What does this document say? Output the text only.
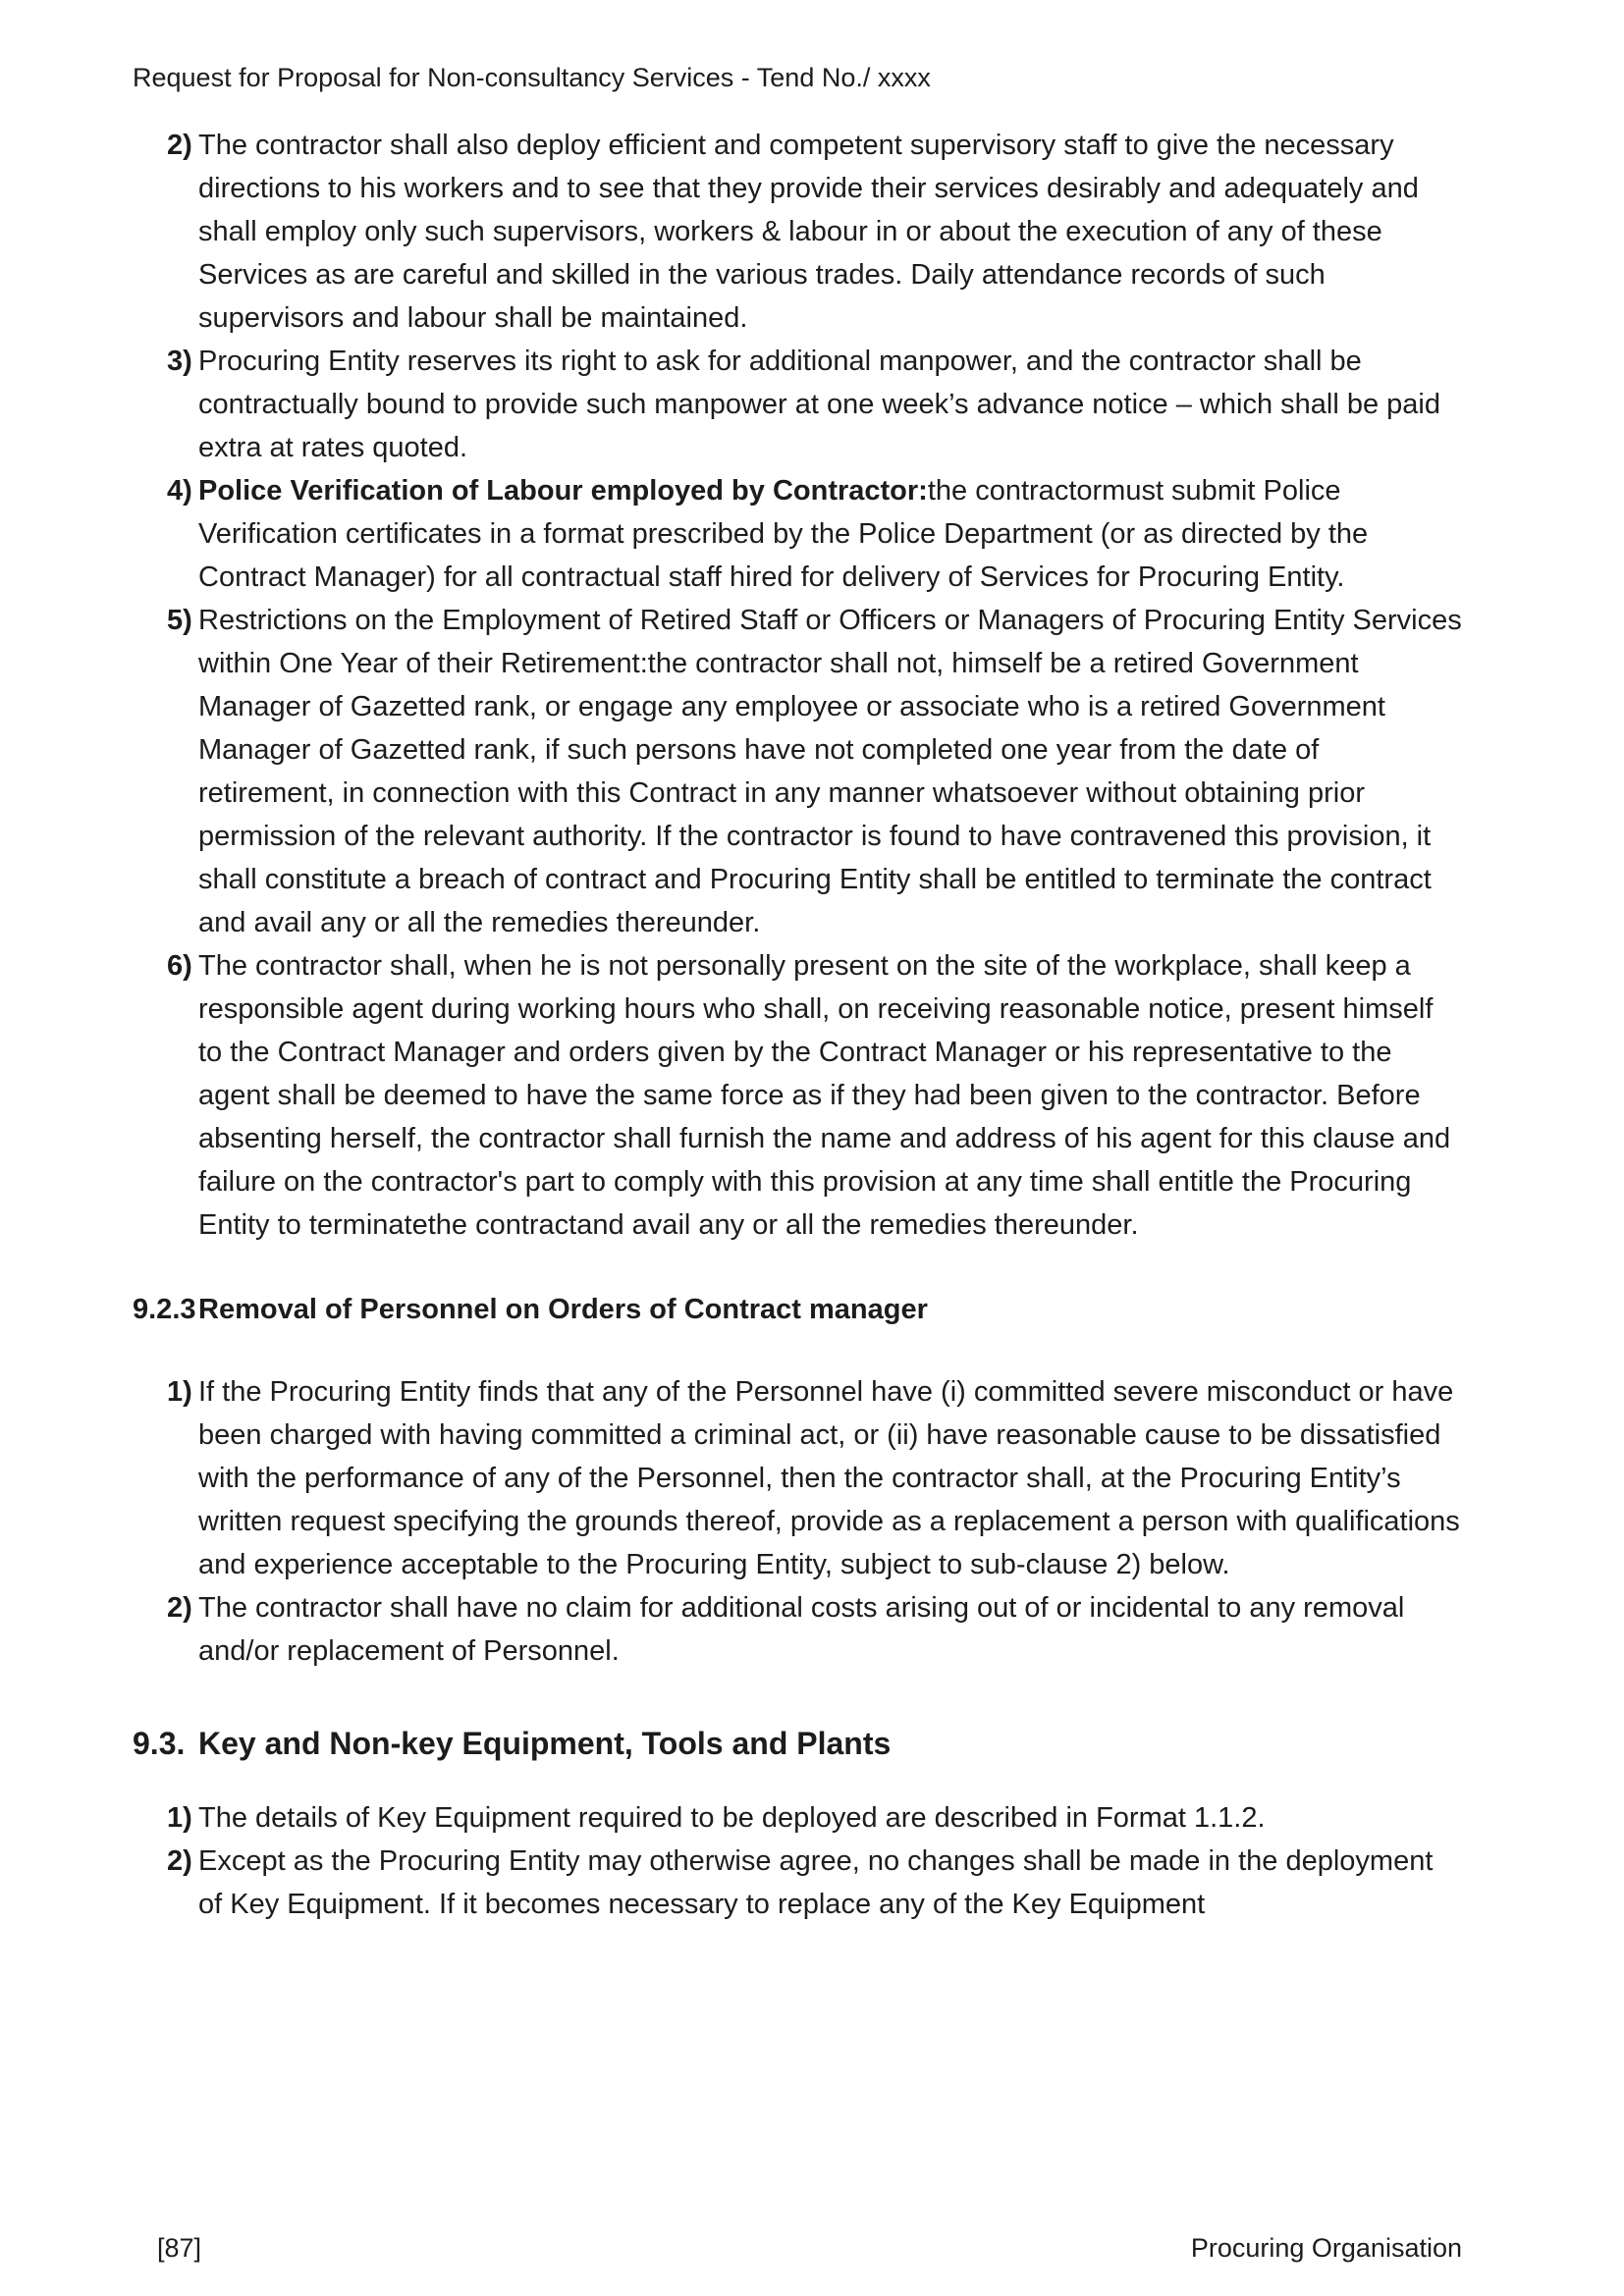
Request for Proposal for Non-consultancy Services - Tend No./ xxxx
2) The contractor shall also deploy efficient and competent supervisory staff to give the necessary directions to his workers and to see that they provide their services desirably and adequately and shall employ only such supervisors, workers & labour in or about the execution of any of these Services as are careful and skilled in the various trades. Daily attendance records of such supervisors and labour shall be maintained.
3) Procuring Entity reserves its right to ask for additional manpower, and the contractor shall be contractually bound to provide such manpower at one week’s advance notice – which shall be paid extra at rates quoted.
4) Police Verification of Labour employed by Contractor:the contractormust submit Police Verification certificates in a format prescribed by the Police Department (or as directed by the Contract Manager) for all contractual staff hired for delivery of Services for Procuring Entity.
5) Restrictions on the Employment of Retired Staff or Officers or Managers of Procuring Entity Services within One Year of their Retirement:the contractor shall not, himself be a retired Government Manager of Gazetted rank, or engage any employee or associate who is a retired Government Manager of Gazetted rank, if such persons have not completed one year from the date of retirement, in connection with this Contract in any manner whatsoever without obtaining prior permission of the relevant authority. If the contractor is found to have contravened this provision, it shall constitute a breach of contract and Procuring Entity shall be entitled to terminate the contract and avail any or all the remedies thereunder.
6) The contractor shall, when he is not personally present on the site of the workplace, shall keep a responsible agent during working hours who shall, on receiving reasonable notice, present himself to the Contract Manager and orders given by the Contract Manager or his representative to the agent shall be deemed to have the same force as if they had been given to the contractor. Before absenting herself, the contractor shall furnish the name and address of his agent for this clause and failure on the contractor's part to comply with this provision at any time shall entitle the Procuring Entity to terminatethe contractand avail any or all the remedies thereunder.
9.2.3 Removal of Personnel on Orders of Contract manager
1) If the Procuring Entity finds that any of the Personnel have (i) committed severe misconduct or have been charged with having committed a criminal act, or (ii) have reasonable cause to be dissatisfied with the performance of any of the Personnel, then the contractor shall, at the Procuring Entity’s written request specifying the grounds thereof, provide as a replacement a person with qualifications and experience acceptable to the Procuring Entity, subject to sub-clause 2) below.
2) The contractor shall have no claim for additional costs arising out of or incidental to any removal and/or replacement of Personnel.
9.3. Key and Non-key Equipment, Tools and Plants
1) The details of Key Equipment required to be deployed are described in Format 1.1.2.
2) Except as the Procuring Entity may otherwise agree, no changes shall be made in the deployment of Key Equipment. If it becomes necessary to replace any of the Key Equipment
[87]	Procuring Organisation
